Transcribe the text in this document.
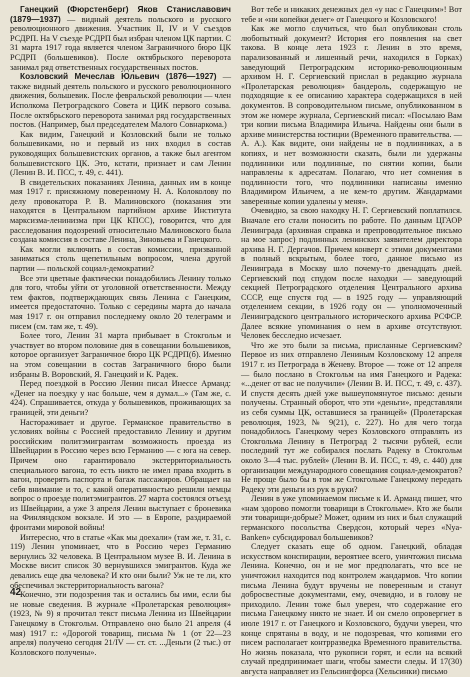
Ганецкий (Фюрстенберг) Яков Станиславович (1879—1937) — видный деятель польского и русского революционного движения. Участник II, IV и V съездов РСДРП. На V съезде РСДРП был избран членом ЦК партии. С 31 марта 1917 года является членом Заграничного бюро ЦК РСДРП (большевиков). После октябрьского переворота занимал ряд ответственных государственных постов.

Козловский Мечеслав Юльевич (1876—1927) — также видный деятель польского и русского революционного движения, большевик. После февральской революции — член Исполкома Петроградского Совета и ЦИК первого созыва. После октябрьского переворота занимал ряд государственных постов. (Например, был председателем Малого Совнаркома.)

Как видим, Ганецкий и Козловский были не только большевиками, но и первый из них входил в состав руководящих большевистских органов, а также был агентом большевистского ЦК. Это, кстати, признает и сам Ленин (Ленин В. И. ПСС, т. 49, с. 441).

В свидетельских показаниях Ленина, данных им в конце мая 1917 г. присяжному поверенному Н. А. Колоколову по делу провокатора Р. В. Малиновского (показания эти находятся в Центральном партийном архиве Института марксизма-ленинизма при ЦК КПСС), говорится, что для расследования подозрений относительно Малиновского была создана комиссия в составе Ленина, Зиновьева и Ганецкого.

Как могли включить в состав комиссии, призванной заниматься столь щепетильным вопросом, члена другой партии — польской социал-демократии?

Все эти цветные фактически понадобились Ленину только для того, чтобы уйти от уголовной ответственности. Между тем фактов, подтверждающих связь Ленина с Ганецким, имеется предостаточно. Только с середины марта до начала мая 1917 г. он отправил последнему около 20 телеграмм и писем (см. там же, т. 49).

Более того, Ленин 31 марта прибывает в Стокгольм и участвует во втором половине дня в совещании большевиков, которое организует Заграничное бюро ЦК РСДРП(б). Именно на этом совещании в состав Заграничного бюро были избраны В. Воровский, Я. Ганецкий и К. Радек.

Перед поездкой в Россию Ленин писал Инессе Арманд: «Денег на поездку у нас больше, чем я думал...» (Там же, с. 424). Спрашивается, откуда у большевиков, проживающих за границей, эти деньги?

Настораживает и другое. Германское правительство в условиях войны с Россией предоставило Ленину и другим российским политэмигрантам возможность проезда из Швейцарии в Россию через всю Германию — с юга на север. Причем оно гарантировало экстерриториальность специального вагона, то есть никто не имел права входить в вагон, проверять паспорта и багаж пассажиров. Обращает на себя внимание и то, с какой оперативностью решили немцы вопрос о проезде политэмигрантов. 27 марта состоялся отъезд из Швейцарии, а уже 3 апреля Ленин выступает с броневика на Финляндском вокзале. И это — в Европе, раздираемой фронтами мировой войны!

Интересно, что в статье «Как мы доехали» (там же, т. 31, с. 119) Ленин упоминает, что в Россию через Германию вернулись 32 человека. В Центральном музее В. И. Ленина в Москве висит список 30 вернувшихся эмигрантов. Куда же девались еще два человека? И кто они были? Уж не те ли, кто обеспечивал экстерриториальность вагона?

Конечно, эти подозрения так и остались бы ими, если бы не новые сведения. В журнале «Пролетарская революция» (1923, № 9) я прочитал текст письма Ленина из Швейцарии Ганецкому в Стокгольм. Отправлено оно было 21 апреля (4 мая) 1917 г.: «Дорогой товарищ, письма № 1 (от 22—23 апреля) получено сегодня 21/IV — ст. ст. ...Деньги (2 тыс.) от Козловского получены».

Вот тебе и никаких денежных дел «у нас с Ганецким»! Вот тебе и «ни копейки денег» от Ганецкого и Козловского!

Как же могло случиться, что был опубликован столь любопытный документ? История его появления на свет такова. В конце лета 1923 г. Ленин в это время, парализованный и лишенный речи, находился в Горках) заведующий Петроградским историко-революционным архивом Н. Г. Сергиевский прислал в редакцию журнала «Пролетарская революция» бандероль, содержащую не подходящие к ее описанию характера содержащихся в ней документов. В сопроводительном письме, опубликованном в этом же номере журнала, Сергиевский писал: «Посылаю Вам три копии письма Владимира Ильича. Найдены они были в архиве министерства юстиции (Временного правительства. — А. А.). Как видите, они найдены не в подлинниках, а в копиях, и нет возможности сказать, были ли удержаны подлинники или подлинные, по снятии копии, были направлены к адресатам. Полагаю, что нет сомнения в подлинности того, что подлинники написаны именно Владимиром Ильичем, а не кем-то другим. Жандармами заверенные копии удалены у меня».

Очевидно, за свою находку Н. Г. Сергиевский поплатился. Вначале его стали поносить по работе. По данным ЦГАОР Ленинграда (архивная справка и препроводительное письмо на мое запрос) подлинных ленинских заявителем директора архива Н. Г. Дергачов. Причем конверт с этими документами в полный вскрытым, более того, данное письмо из Ленинграда в Москву шло почему-то двенадцать дней. Сергиевский под спудом после находки — заведующий секцией Петроградского отделения Центрального архива СССР, еще спустя год — в 1925 году — управляющий отделением секции, в 1926 году он — уполномоченный Ленинградского центрального исторического архива РСФСР. Далее всякие упоминания о нем в архиве отсутствуют. Человек бесследно исчезает.

Что же это были за письма, присланные Сергиевским? Первое из них отправлено Лениным Козловскому 12 апреля 1917 г. из Петрограда в Женеву. Второе — тоже от 12 апреля — было послано в Стокгольм на имя Ганецкого и Радека: «...денег от вас не получили» (Ленин В. И. ПСС, т. 49, с. 437). И спустя десять дней уже вышеупомянутое письмо: деньги получены. Странный оборот, что эти «деньги», представляли из себя суммы ЦК, оставшиеся за границей» (Пролетарская революция, 1923, № 9(21), с. 227). Но для чего тогда понадобилось Ганецкому через Козловского отправлять из Стокгольма Ленину в Петроград 2 тысячи рублей, если последний тут же собирался послать Радеку в Стокгольм около 3—4 тыс. рублей» (Ленин В. И. ПСС, т. 49, с. 440) для организации международного совещания социал-демократов? Не проще было бы в том же Стокгольме Ганецкому передать Радеку эти деньги из рук в руки?

Ленин в уже упоминаемом письме к И. Арманд пишет, что «нам здорово помогли товарищи в Стокгольме». Кто же были эти товарищи-добрые? Может, одним из них и был служащий германского посольства Свердсон, который через «Nya-Banken» субсидировал большевиков?

Следует сказать еще об одном. Ганецкий, обладая искусством конспирации, вероятнее всего, уничтожил письма Ленина. Конечно, он и не мог предполагать, что все не уничтожил находится под контролем жандармов. Что копии письма Ленина будут вручены не поверенным и станут добросвестные документами, ему, очевидно, и в голову не приходило. Ленин тоже был уверен, что содержание его письма Ганецкому никто не знает. И он смело опровергнет в июле 1917 г. от Ганецкого и Козловского, будучи уверен, что конце спрятаны в воду, и не подозревая, что копиями его писем располагает контрразведка Временного правительства. Но жизнь показала, что рукописи горят, и если на всякий случай предпринимает шаги, чтобы замести следы. И 17(30) августа направляет из Гельсингфорса (Хельсинки) письмо

42
